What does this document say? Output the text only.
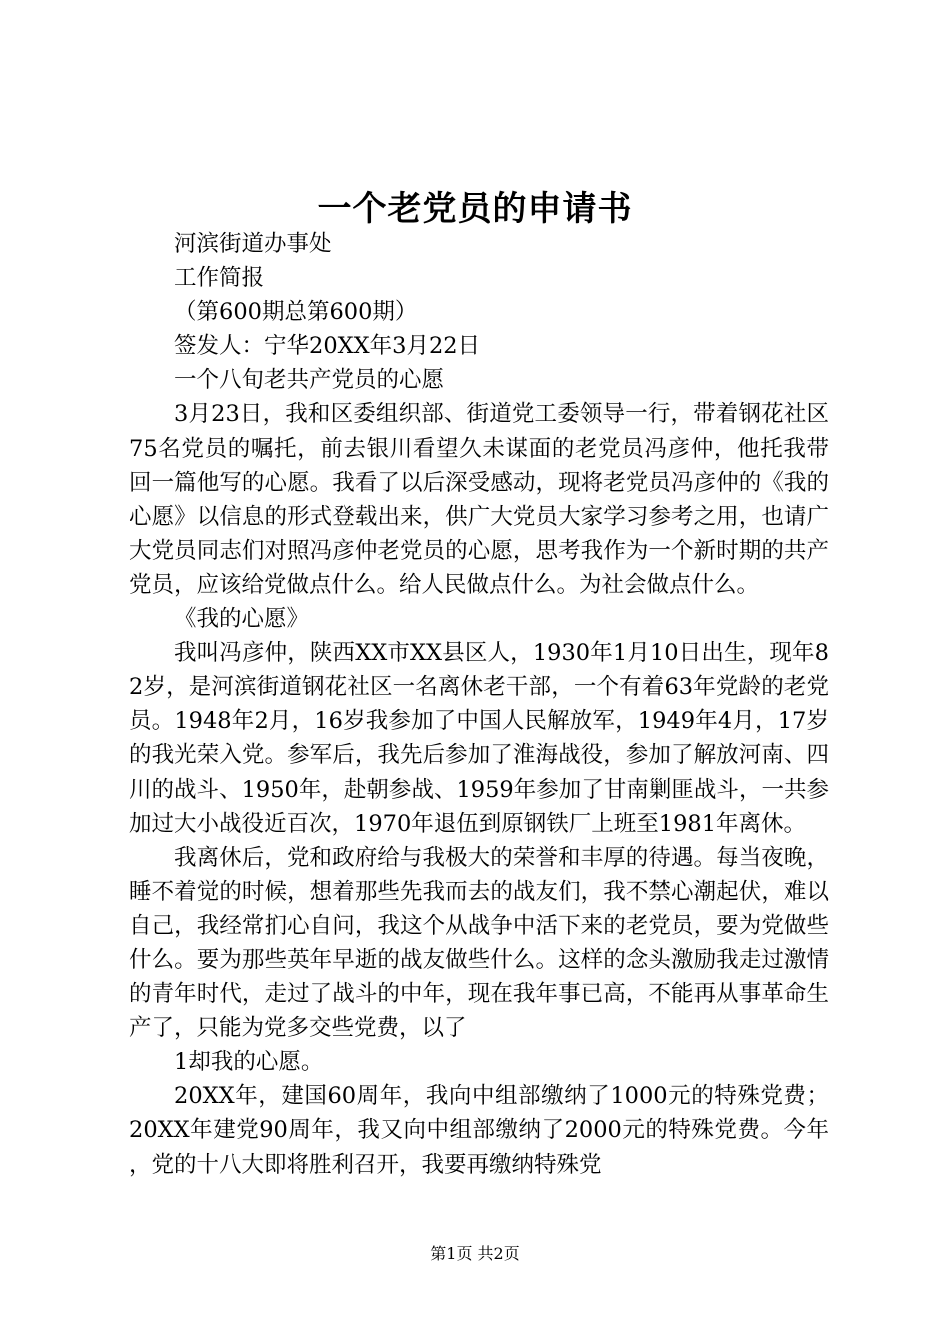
一个老党员的申请书

河滨街道办事处

工作简报

（第600期总第600期）

签发人：宁华20XX年3月22日

一个八旬老共产党员的心愿

3月23日，我和区委组织部、街道党工委领导一行，带着钢花社区75名党员的嘱托，前去银川看望久未谋面的老党员冯彦仲，他托我带回一篇他写的心愿。我看了以后深受感动，现将老党员冯彦仲的《我的心愿》以信息的形式登载出来，供广大党员大家学习参考之用，也请广大党员同志们对照冯彦仲老党员的心愿，思考我作为一个新时期的共产党员，应该给党做点什么。给人民做点什么。为社会做点什么。

《我的心愿》

我叫冯彦仲，陕西XX市XX县区人，1930年1月10日出生，现年82岁，是河滨街道钢花社区一名离休老干部，一个有着63年党龄的老党员。1948年2月，16岁我参加了中国人民解放军，1949年4月，17岁的我光荣入党。参军后，我先后参加了淮海战役，参加了解放河南、四川的战斗、1950年，赴朝参战、1959年参加了甘南剿匪战斗，一共参加过大小战役近百次，1970年退伍到原钢铁厂上班至1981年离休。

我离休后，党和政府给与我极大的荣誉和丰厚的待遇。每当夜晚，睡不着觉的时候，想着那些先我而去的战友们，我不禁心潮起伏，难以自己，我经常扪心自问，我这个从战争中活下来的老党员，要为党做些什么。要为那些英年早逝的战友做些什么。这样的念头激励我走过激情的青年时代，走过了战斗的中年，现在我年事已高，不能再从事革命生产了，只能为党多交些党费，以了

1却我的心愿。

20XX年，建国60周年，我向中组部缴纳了1000元的特殊党费；20XX年建党90周年，我又向中组部缴纳了2000元的特殊党费。今年，党的十八大即将胜利召开，我要再缴纳特殊党

第1页 共2页
